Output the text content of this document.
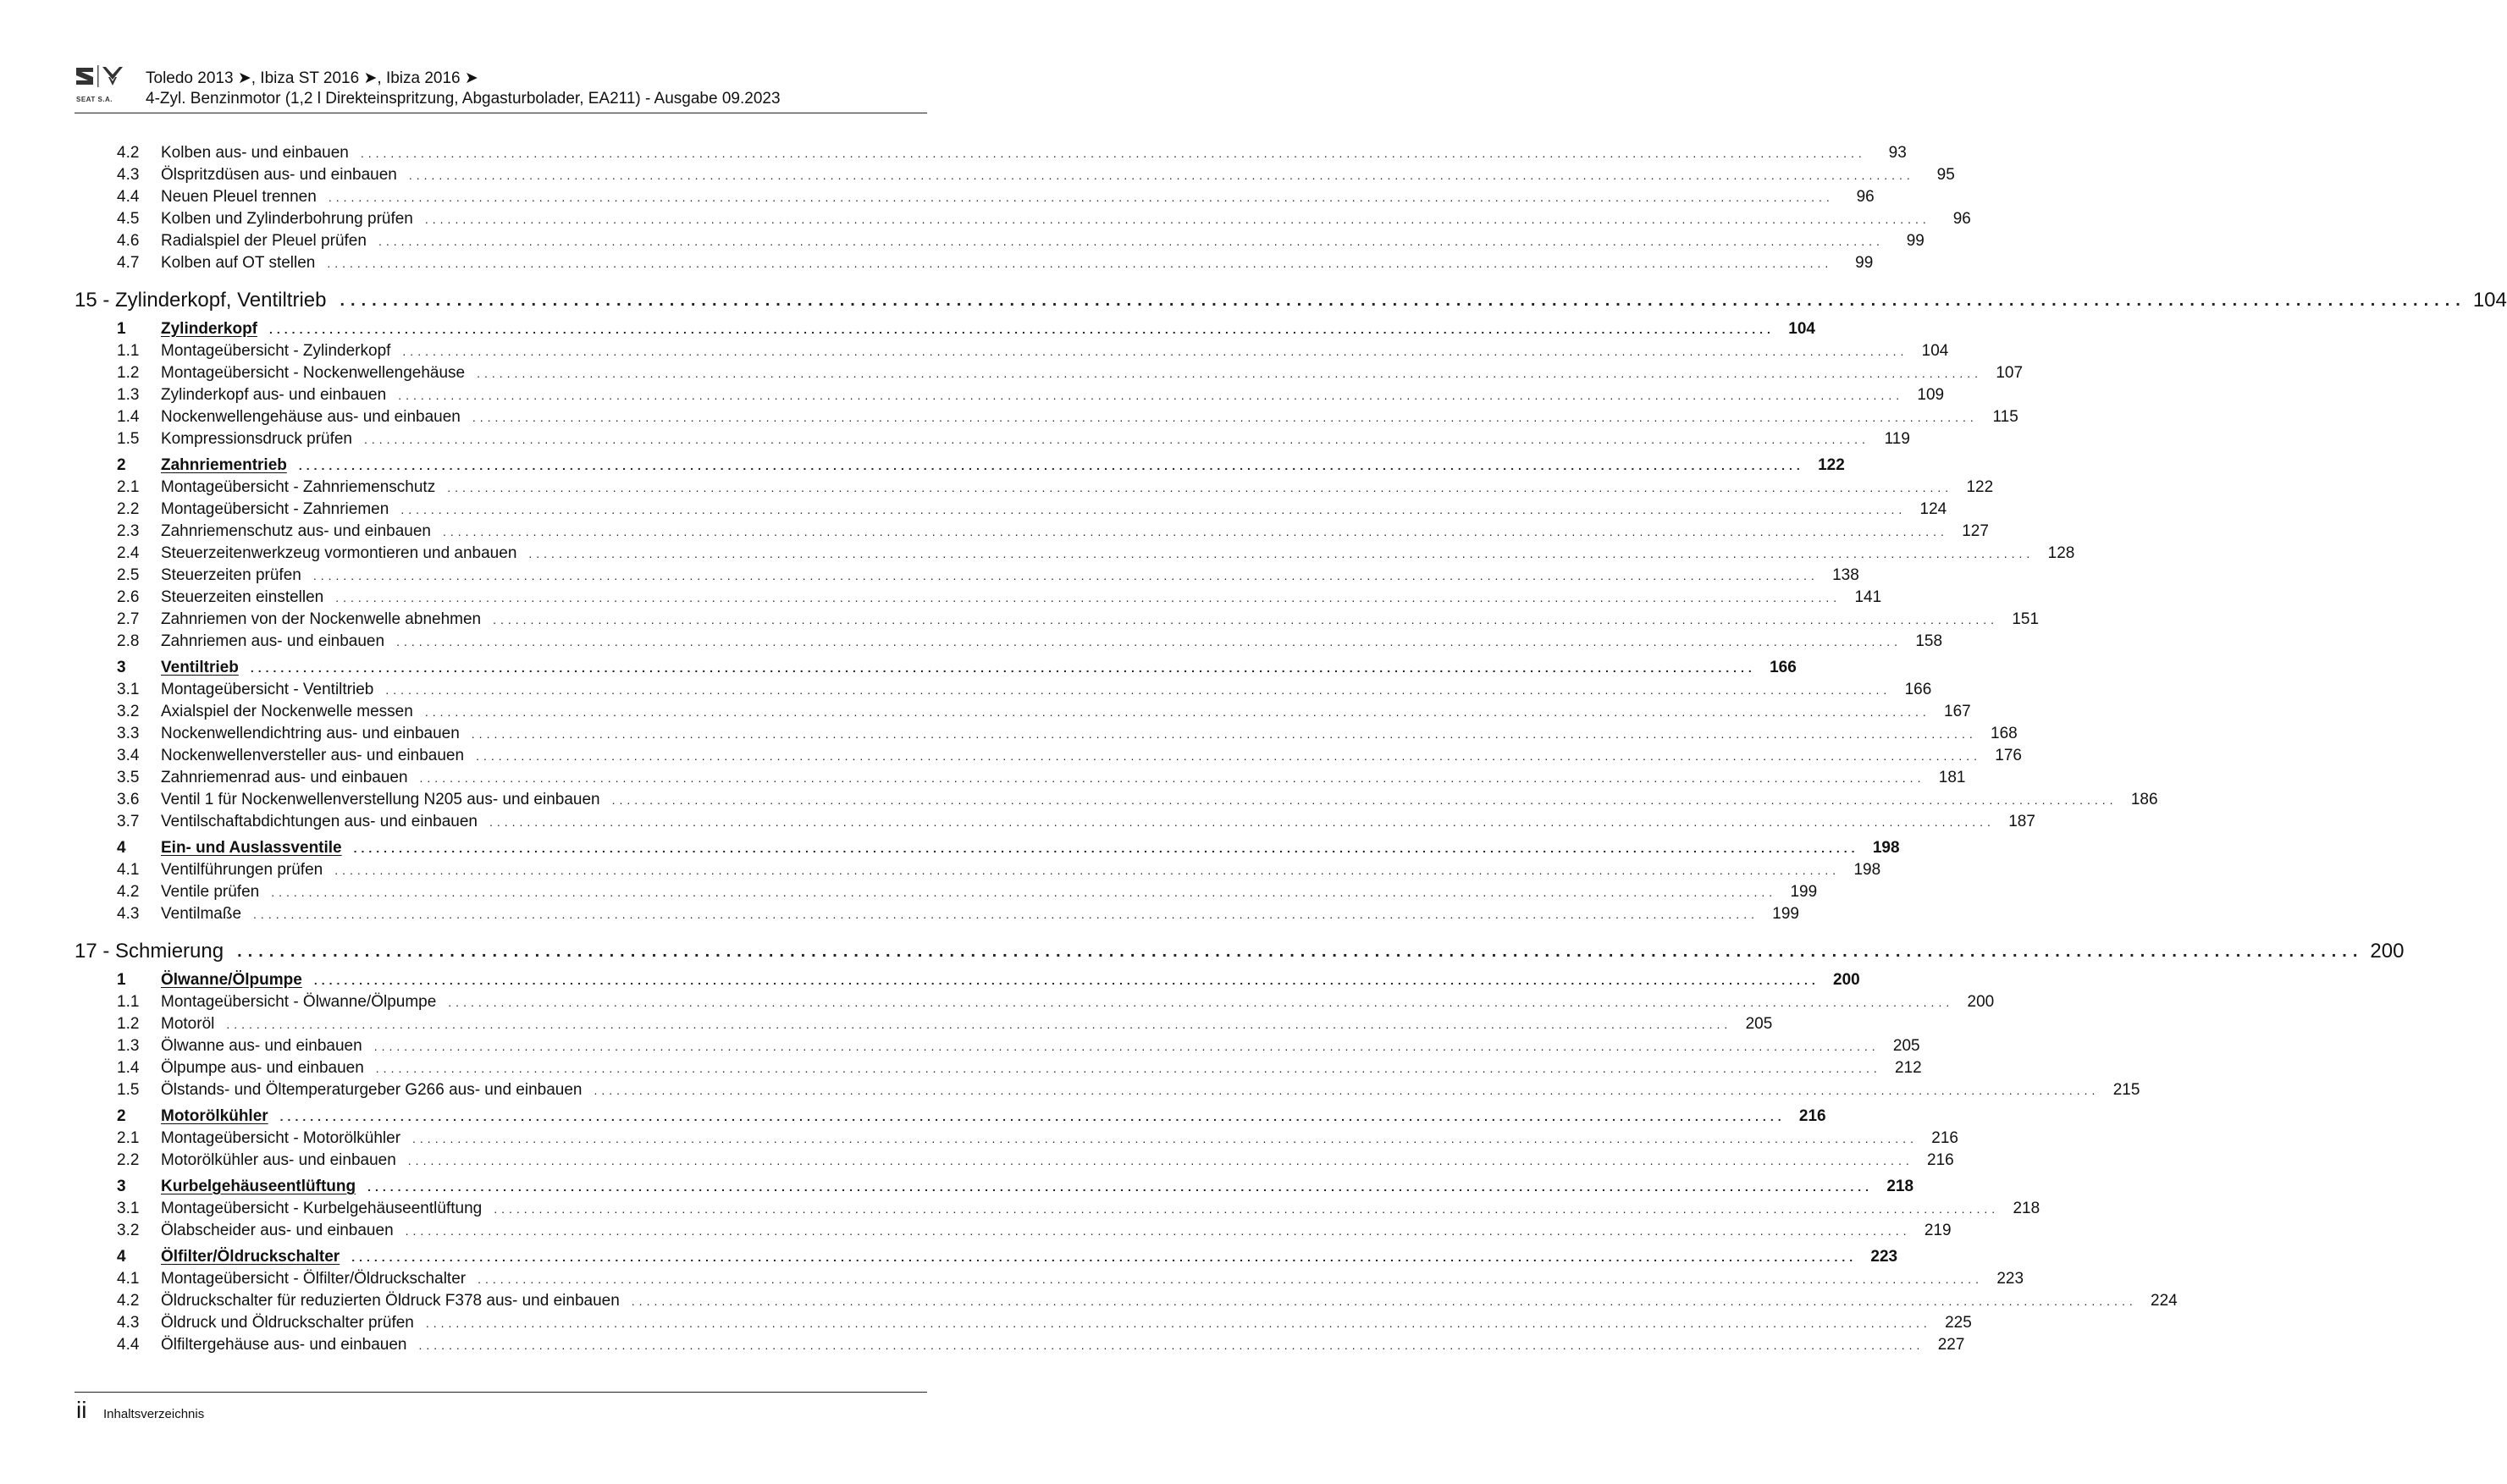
SEAT S.A.
Toledo 2013 ➤, Ibiza ST 2016 ➤, Ibiza 2016 ➤
4-Zyl. Benzinmotor (1,2 l Direkteinspritzung, Abgasturbolader, EA211) - Ausgabe 09.2023
4.2	Kolben aus- und einbauen	........................................................................................................................................................................................................	93
4.3	Ölspritzdüsen aus- und einbauen	........................................................................................................................................................................................................	95
4.4	Neuen Pleuel trennen	........................................................................................................................................................................................................	96
4.5	Kolben und Zylinderbohrung prüfen	........................................................................................................................................................................................................	96
4.6	Radialspiel der Pleuel prüfen	........................................................................................................................................................................................................	99
4.7	Kolben auf OT stellen	........................................................................................................................................................................................................	99
15 - Zylinderkopf, Ventiltrieb ........................................................................................................................................................................................................ 104
1	Zylinderkopf	........................................................................................................................................................................................................ 104
1.1	Montageübersicht - Zylinderkopf	........................................................................................................................................................................................................ 104
1.2	Montageübersicht - Nockenwellengehäuse	........................................................................................................................................................................................................ 107
1.3	Zylinderkopf aus- und einbauen	........................................................................................................................................................................................................ 109
1.4	Nockenwellengehäuse aus- und einbauen	........................................................................................................................................................................................................ 115
1.5	Kompressionsdruck prüfen	........................................................................................................................................................................................................ 119
2	Zahnriementrieb	........................................................................................................................................................................................................ 122
2.1	Montageübersicht - Zahnriemenschutz	........................................................................................................................................................................................................ 122
2.2	Montageübersicht - Zahnriemen	........................................................................................................................................................................................................ 124
2.3	Zahnriemenschutz aus- und einbauen	........................................................................................................................................................................................................ 127
2.4	Steuerzeitenwerkzeug vormontieren und anbauen	........................................................................................................................................................................................................ 128
2.5	Steuerzeiten prüfen	........................................................................................................................................................................................................ 138
2.6	Steuerzeiten einstellen	........................................................................................................................................................................................................ 141
2.7	Zahnriemen von der Nockenwelle abnehmen	........................................................................................................................................................................................................ 151
2.8	Zahnriemen aus- und einbauen	........................................................................................................................................................................................................ 158
3	Ventiltrieb	........................................................................................................................................................................................................ 166
3.1	Montageübersicht - Ventiltrieb	........................................................................................................................................................................................................ 166
3.2	Axialspiel der Nockenwelle messen	........................................................................................................................................................................................................ 167
3.3	Nockenwellendichtring aus- und einbauen	........................................................................................................................................................................................................ 168
3.4	Nockenwellenversteller aus- und einbauen	........................................................................................................................................................................................................ 176
3.5	Zahnriemenrad aus- und einbauen	........................................................................................................................................................................................................ 181
3.6	Ventil 1 für Nockenwellenverstellung N205 aus- und einbauen	........................................................................................................................................................................................................ 186
3.7	Ventilschaftabdichtungen aus- und einbauen	........................................................................................................................................................................................................ 187
4	Ein- und Auslassventile	........................................................................................................................................................................................................ 198
4.1	Ventilführungen prüfen	........................................................................................................................................................................................................ 198
4.2	Ventile prüfen	........................................................................................................................................................................................................ 199
4.3	Ventilmaße	........................................................................................................................................................................................................ 199
17 - Schmierung ........................................................................................................................................................................................................ 200
1	Ölwanne/Ölpumpe	........................................................................................................................................................................................................ 200
1.1	Montageübersicht - Ölwanne/Ölpumpe	........................................................................................................................................................................................................ 200
1.2	Motoröl	........................................................................................................................................................................................................ 205
1.3	Ölwanne aus- und einbauen	........................................................................................................................................................................................................ 205
1.4	Ölpumpe aus- und einbauen	........................................................................................................................................................................................................ 212
1.5	Ölstands- und Öltemperaturgeber G266 aus- und einbauen	........................................................................................................................................................................................................ 215
2	Motorölkühler	........................................................................................................................................................................................................ 216
2.1	Montageübersicht - Motorölkühler	........................................................................................................................................................................................................ 216
2.2	Motorölkühler aus- und einbauen	........................................................................................................................................................................................................ 216
3	Kurbelgehäuseentlüftung	........................................................................................................................................................................................................ 218
3.1	Montageübersicht - Kurbelgehäuseentlüftung	........................................................................................................................................................................................................ 218
3.2	Ölabscheider aus- und einbauen	........................................................................................................................................................................................................ 219
4	Ölfilter/Öldruckschalter	........................................................................................................................................................................................................ 223
4.1	Montageübersicht - Ölfilter/Öldruckschalter	........................................................................................................................................................................................................ 223
4.2	Öldruckschalter für reduzierten Öldruck F378 aus- und einbauen	........................................................................................................................................................................................................ 224
4.3	Öldruck und Öldruckschalter prüfen	........................................................................................................................................................................................................ 225
4.4	Ölfiltergehäuse aus- und einbauen	........................................................................................................................................................................................................ 227
ii Inhaltsverzeichnis
